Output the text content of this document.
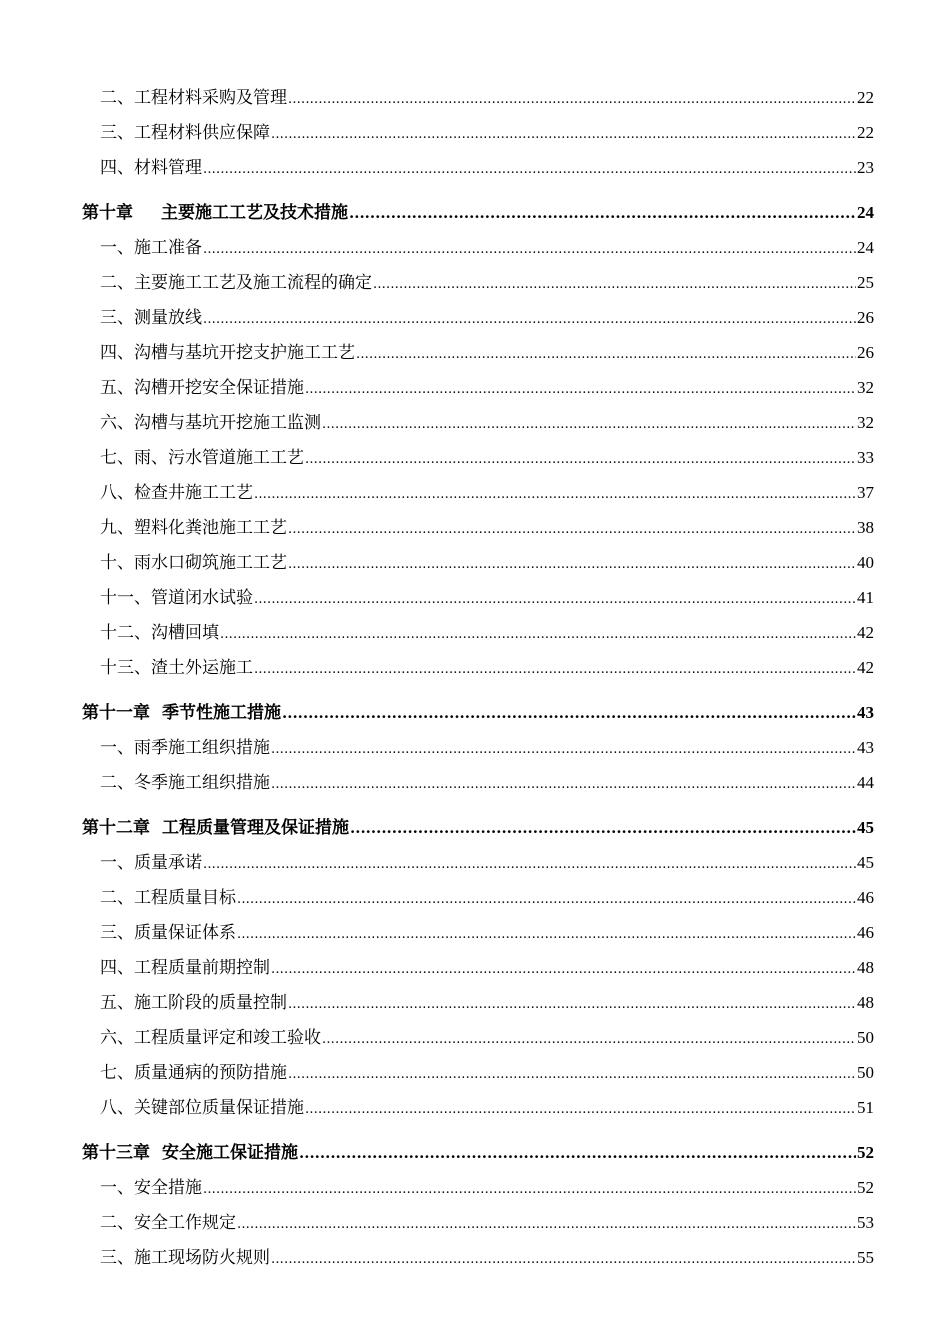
二、工程材料采购及管理 .....	22
三、工程材料供应保障 .....	22
四、材料管理 .....	23
第十章 主要施工工艺及技术措施 .....	24
一、施工准备 .....	24
二、主要施工工艺及施工流程的确定 .....	25
三、测量放线 .....	26
四、沟槽与基坑开挖支护施工工艺 .....	26
五、沟槽开挖安全保证措施 .....	32
六、沟槽与基坑开挖施工监测 .....	32
七、雨、污水管道施工工艺 .....	33
八、检查井施工工艺 .....	37
九、塑料化粪池施工工艺 .....	38
十、雨水口砌筑施工工艺 .....	40
十一、管道闭水试验 .....	41
十二、沟槽回填 .....	42
十三、渣土外运施工 .....	42
第十一章 季节性施工措施 .....	43
一、雨季施工组织措施 .....	43
二、冬季施工组织措施 .....	44
第十二章 工程质量管理及保证措施 .....	45
一、质量承诺 .....	45
二、工程质量目标 .....	46
三、质量保证体系 .....	46
四、工程质量前期控制 .....	48
五、施工阶段的质量控制 .....	48
六、工程质量评定和竣工验收 .....	50
七、质量通病的预防措施 .....	50
八、关键部位质量保证措施 .....	51
第十三章 安全施工保证措施 .....	52
一、安全措施 .....	52
二、安全工作规定 .....	53
三、施工现场防火规则 .....	55
